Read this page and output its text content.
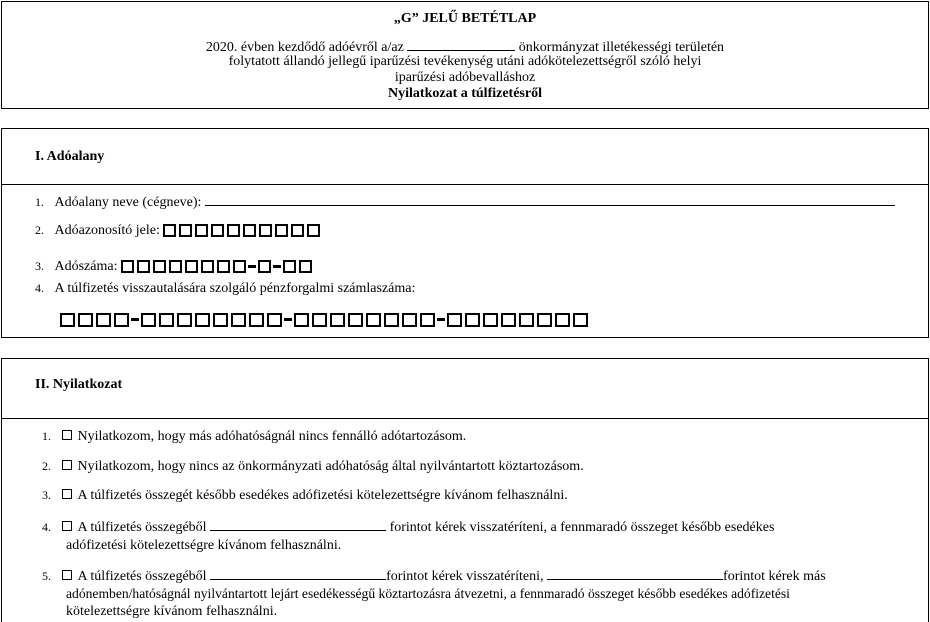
„G” JELŰ BETÉTLAP
2020. évben kezdődő adóévről a/az	önkormányzat illetékességi területén
folytatott állandó jellegű iparűzési tevékenység utáni adókötelezettségről szóló helyi
iparűzési adóbevalláshoz
Nyilatkozat a túlfizetésről
I. Adóalany
1. Adóalany neve (cégneve):
2. Adóazonosító jele:
3. Adószáma:
4. A túlfizetés visszautalására szolgáló pénzforgalmi számlaszáma:
II. Nyilatkozat
1. Nyilatkozom, hogy más adóhatóságnál nincs fennálló adótartozásom.
2. Nyilatkozom, hogy nincs az önkormányzati adóhatóság által nyilvántartott köztartozásom.
3. A túlfizetés összegét később esedékes adófizetési kötelezettségre kívánom felhasználni.
4. A túlfizetés összegéből	forintot kérek visszatéríteni, a fennmaradó összeget később esedékes
adófizetési kötelezettségre kívánom felhasználni.
5. A túlfizetés összegéből	forintot kérek visszatéríteni,	forintot kérek más
adónemben/hatóságnál nyilvántartott lejárt esedékességű köztartozásra átvezetni, a fennmaradó összeget később esedékes adófizetési
kötelezettségre kívánom felhasználni.
